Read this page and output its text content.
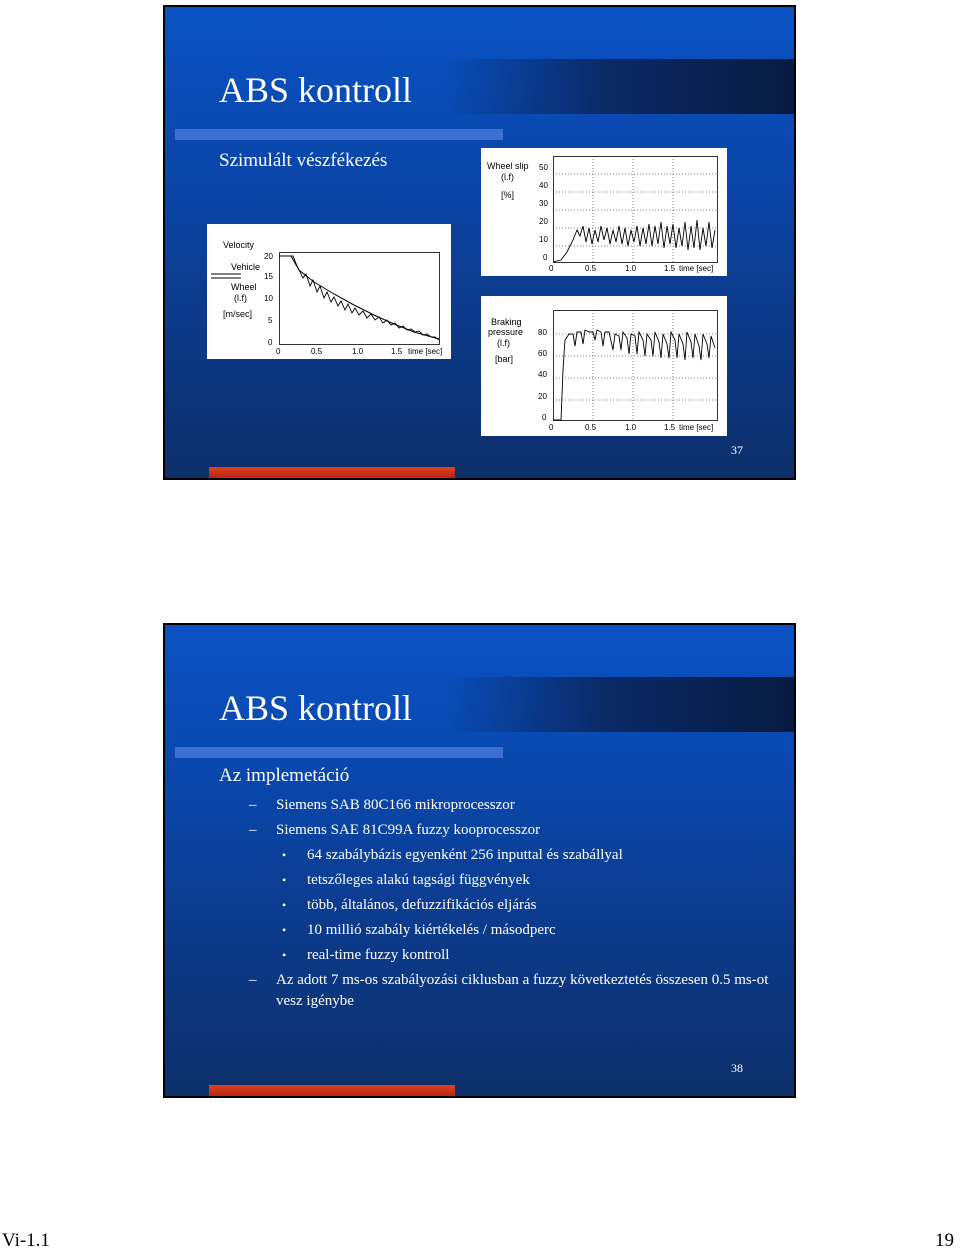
ABS kontroll
Szimulált vészfékezés
Velocity
Vehicle
Wheel
(l.f)
[m/sec]
20
15
10
5
0
0	0.5	1.0	1.5 time [sec]
Wheel slip
(l.f)
[%]
50
40
30
20
10
0
0	0.5	1.0	1.5 time [sec]
Braking
pressure
(l.f)
[bar]
80
60
40
20
0
0	0.5	1.0	1.5 time [sec]
37
ABS kontroll
Az implemetáció
– Siemens SAB 80C166 mikroprocesszor
– Siemens SAE 81C99A fuzzy kooprocesszor
• 64 szabálybázis egyenként 256 inputtal és szabállyal
• tetszőleges alakú tagsági függvények
• több, általános, defuzzifikációs eljárás
• 10 millió szabály kiértékelés / másodperc
• real-time fuzzy kontroll
– Az adott 7 ms-os szabályozási ciklusban a fuzzy következtetés összesen 0.5 ms-ot vesz igénybe
38
Vi-1.1	19
